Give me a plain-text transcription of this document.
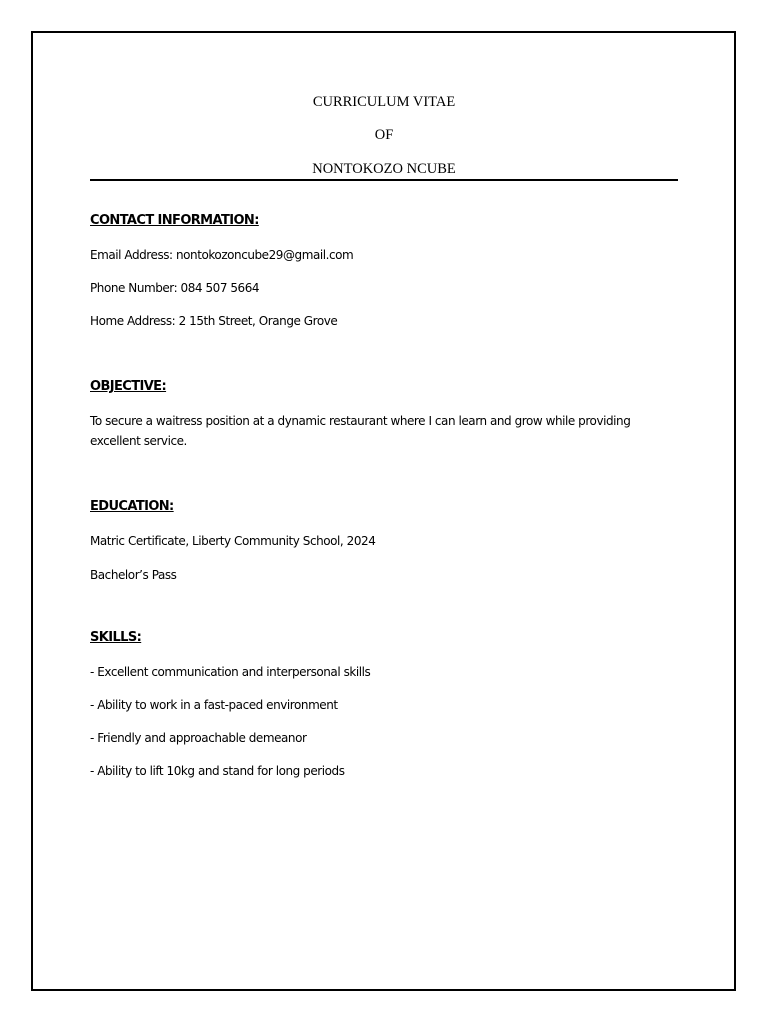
CURRICULUM VITAE
OF
NONTOKOZO NCUBE
CONTACT INFORMATION:
Email Address: nontokozoncube29@gmail.com
Phone Number: 084 507 5664
Home Address: 2 15th Street, Orange Grove
OBJECTIVE:
To secure a waitress position at a dynamic restaurant where I can learn and grow while providing excellent service.
EDUCATION:
Matric Certificate, Liberty Community School, 2024
Bachelor’s Pass
SKILLS:
- Excellent communication and interpersonal skills
- Ability to work in a fast-paced environment
- Friendly and approachable demeanor
- Ability to lift 10kg and stand for long periods
